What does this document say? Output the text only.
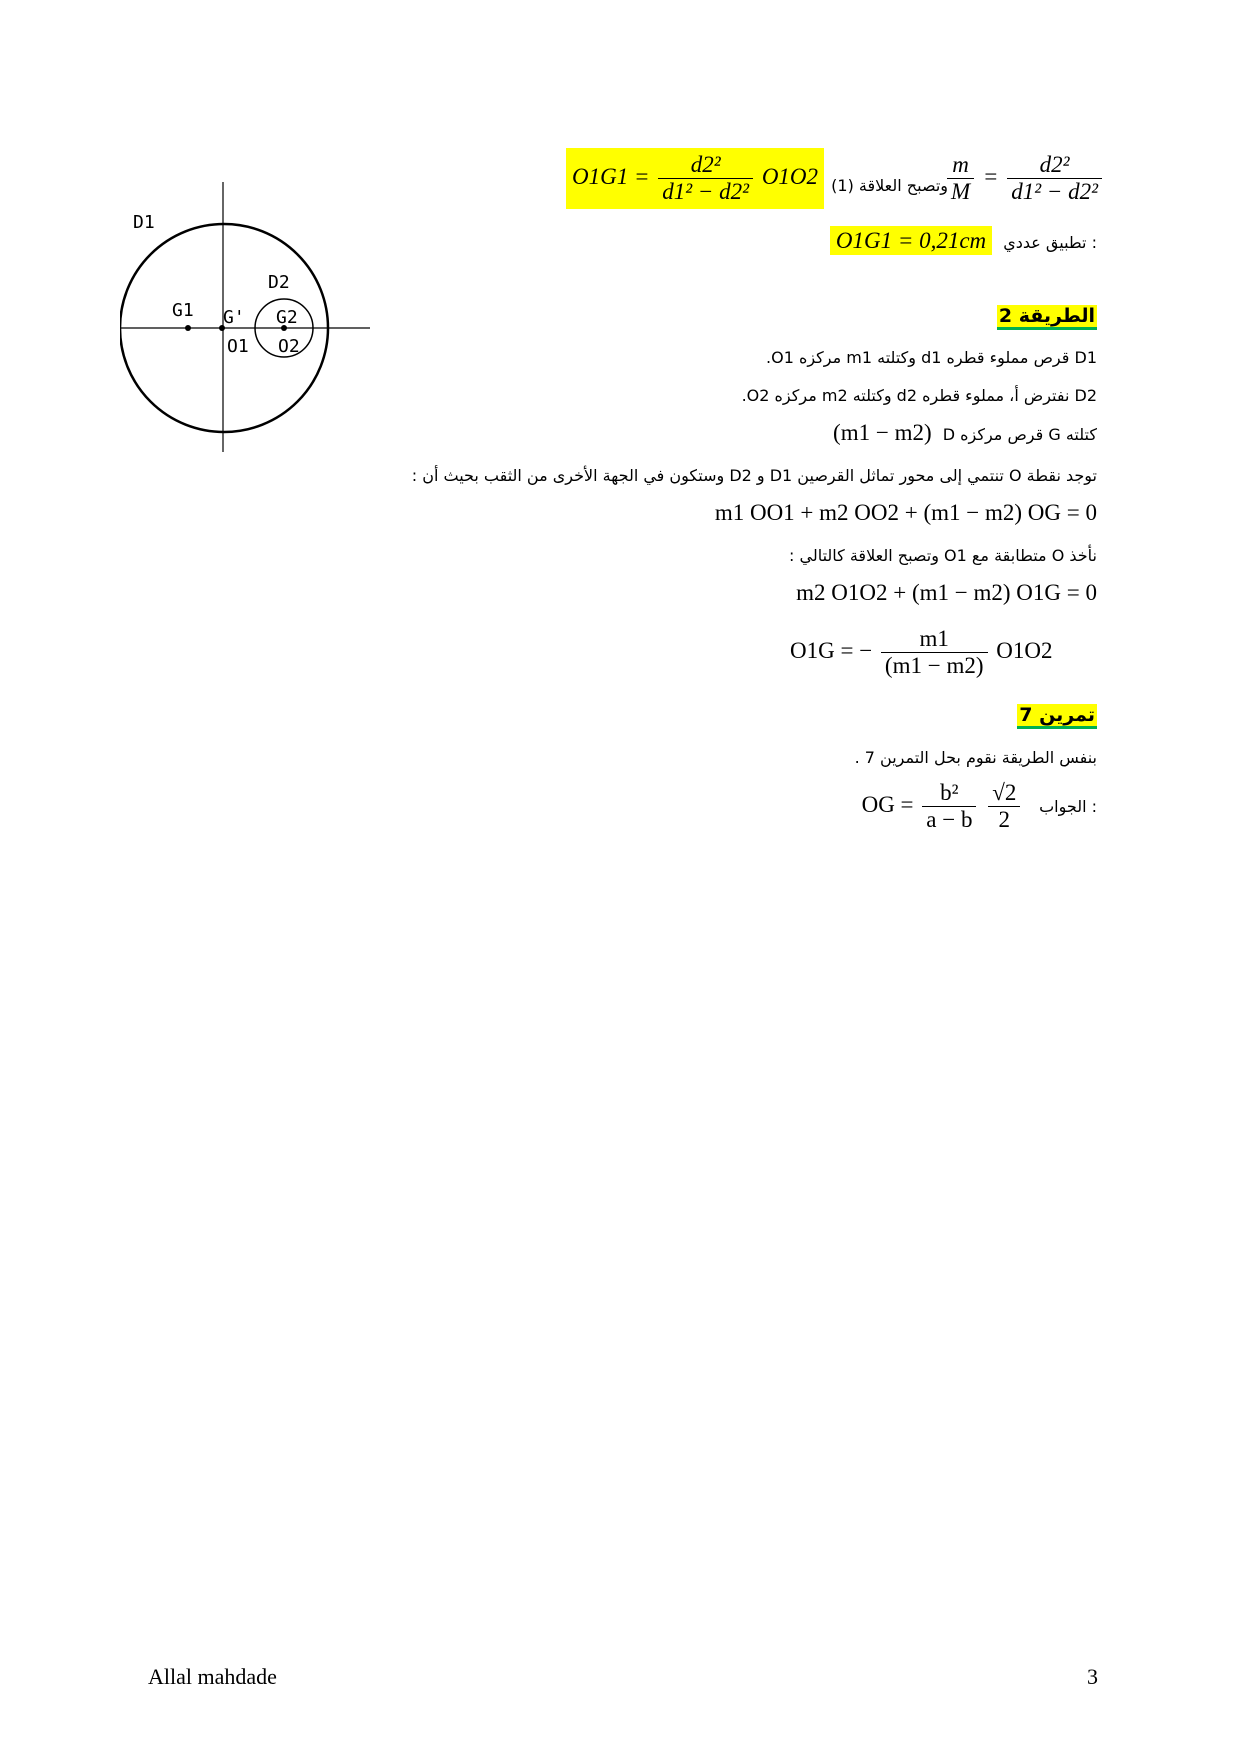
D1
D2
G1 G' G2
O1 O2
$O1G1 = \frac{\text{d2²}}{\text{d1² − d2²}} O1O2$ وتصبح العلاقة $(1) \frac{m}{M} = \frac{\text{d2²}}{\text{d1² − d2²}}$
O1G1 = 0,21cm تطبيق عددي :
الطريقة 2
D1 قرص مملوء قطره d1 وكتلته m1 مركزه O1.
D2 نفترض أ، مملوء قطره d2 وكتلته m2 مركزه O2.
(m1 − m2) D قرص مركزه G كتلته
توجد نقطة O تنتمي إلى محور تماثل القرصين D1 و D2 وستكون في الجهة الأخرى من الثقب بحيث أن :
m1 OO1 + m2 OO2 + (m1 − m2) OG = 0
نأخذ O متطابقة مع O1 وتصبح العلاقة كالتالي :
m2 O1O2 + (m1 − m2) O1G = 0
O1G = − $\frac{m1}{(m1 - m2)} O1O2$
تمرين 7
بنفس الطريقة نقوم بحل التمرين 7 .
OG = $\frac{\text{b²}}{a - b}$
$\frac{√2}{2}$ الجواب :
Allal mahdade	3
